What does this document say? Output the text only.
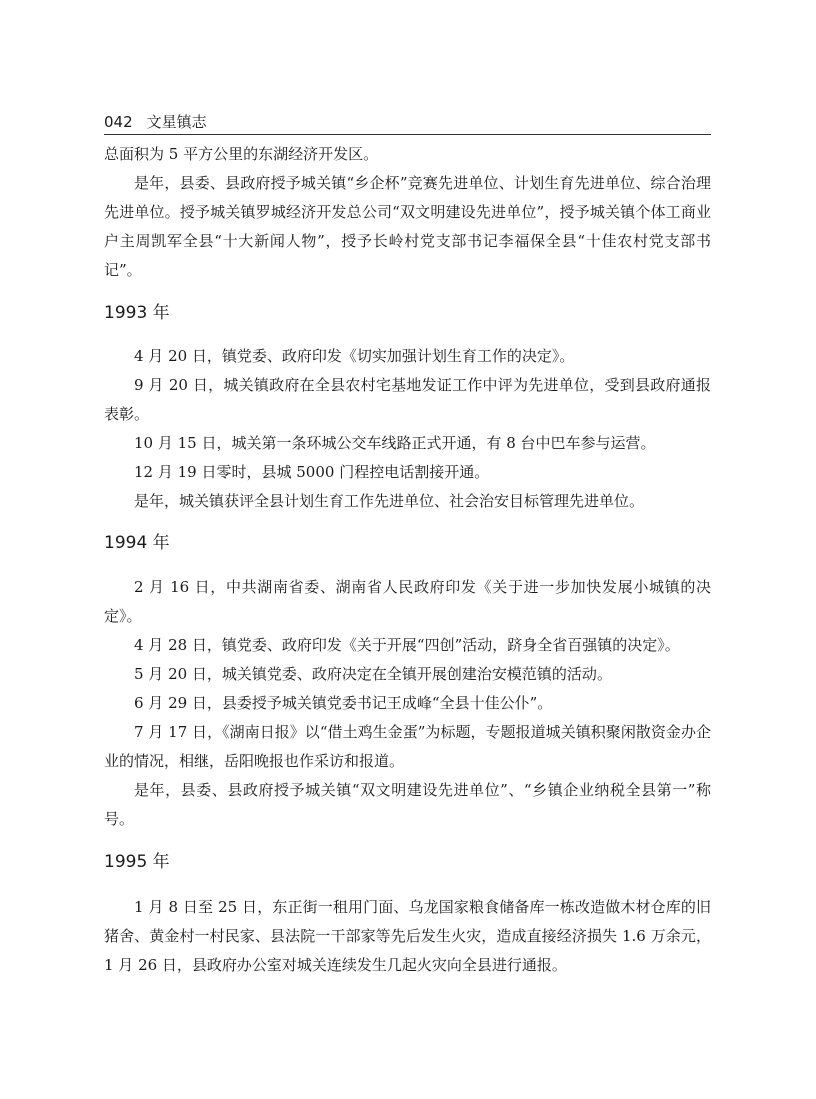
042 文星镇志

总面积为 5 平方公里的东湖经济开发区。

是年，县委、县政府授予城关镇“乡企杯”竞赛先进单位、计划生育先进单位、综合治理先进单位。授予城关镇罗城经济开发总公司“双文明建设先进单位”，授予城关镇个体工商业户主周凯军全县“十大新闻人物”，授予长岭村党支部书记李福保全县“十佳农村党支部书记”。

1993 年

4 月 20 日，镇党委、政府印发《切实加强计划生育工作的决定》。

9 月 20 日，城关镇政府在全县农村宅基地发证工作中评为先进单位，受到县政府通报表彰。

10 月 15 日，城关第一条环城公交车线路正式开通，有 8 台中巴车参与运营。

12 月 19 日零时，县城 5000 门程控电话割接开通。

是年，城关镇获评全县计划生育工作先进单位、社会治安目标管理先进单位。

1994 年

2 月 16 日，中共湖南省委、湖南省人民政府印发《关于进一步加快发展小城镇的决定》。

4 月 28 日，镇党委、政府印发《关于开展“四创”活动，跻身全省百强镇的决定》。

5 月 20 日，城关镇党委、政府决定在全镇开展创建治安模范镇的活动。

6 月 29 日，县委授予城关镇党委书记王成峰“全县十佳公仆”。

7 月 17 日，《湖南日报》以“借土鸡生金蛋”为标题，专题报道城关镇积聚闲散资金办企业的情况，相继，岳阳晚报也作采访和报道。

是年，县委、县政府授予城关镇“双文明建设先进单位”、“乡镇企业纳税全县第一”称号。

1995 年

1 月 8 日至 25 日，东正街一租用门面、乌龙国家粮食储备库一栋改造做木材仓库的旧猪舍、黄金村一村民家、县法院一干部家等先后发生火灾，造成直接经济损失 1.6 万余元，1 月 26 日，县政府办公室对城关连续发生几起火灾向全县进行通报。
